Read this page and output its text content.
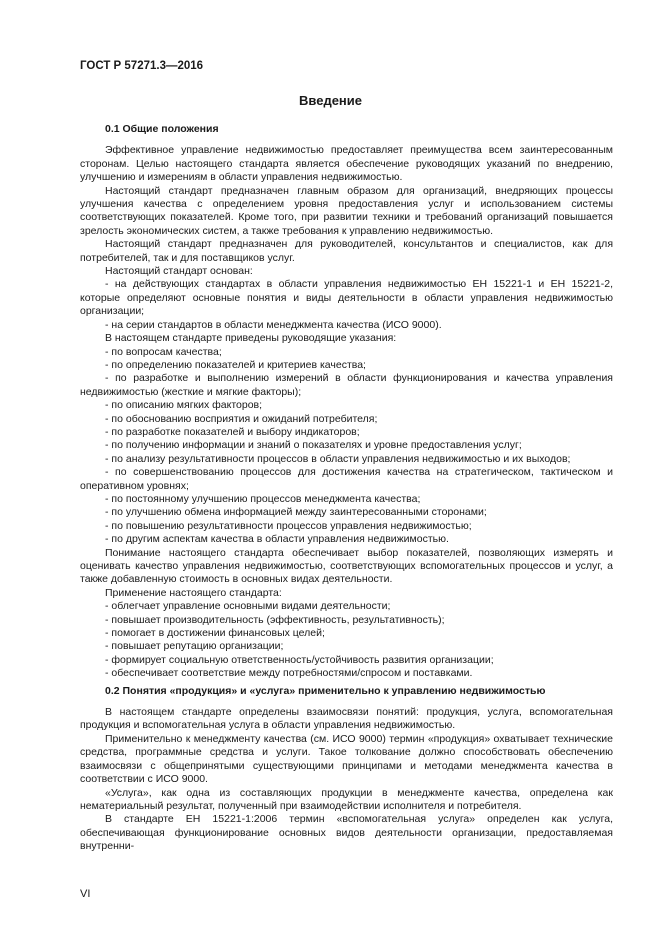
ГОСТ Р 57271.3—2016
Введение
0.1 Общие положения
Эффективное управление недвижимостью предоставляет преимущества всем заинтересованным сторонам. Целью настоящего стандарта является обеспечение руководящих указаний по внедрению, улучшению и измерениям в области управления недвижимостью.
Настоящий стандарт предназначен главным образом для организаций, внедряющих процессы улучшения качества с определением уровня предоставления услуг и использованием системы соответствующих показателей. Кроме того, при развитии техники и требований организаций повышается зрелость экономических систем, а также требования к управлению недвижимостью.
Настоящий стандарт предназначен для руководителей, консультантов и специалистов, как для потребителей, так и для поставщиков услуг.
Настоящий стандарт основан:
- на действующих стандартах в области управления недвижимостью ЕН 15221-1 и ЕН 15221-2, которые определяют основные понятия и виды деятельности в области управления недвижимостью организации;
- на серии стандартов в области менеджмента качества (ИСО 9000).
В настоящем стандарте приведены руководящие указания:
- по вопросам качества;
- по определению показателей и критериев качества;
- по разработке и выполнению измерений в области функционирования и качества управления недвижимостью (жесткие и мягкие факторы);
- по описанию мягких факторов;
- по обоснованию восприятия и ожиданий потребителя;
- по разработке показателей и выбору индикаторов;
- по получению информации и знаний о показателях и уровне предоставления услуг;
- по анализу результативности процессов в области управления недвижимостью и их выходов;
- по совершенствованию процессов для достижения качества на стратегическом, тактическом и оперативном уровнях;
- по постоянному улучшению процессов менеджмента качества;
- по улучшению обмена информацией между заинтересованными сторонами;
- по повышению результативности процессов управления недвижимостью;
- по другим аспектам качества в области управления недвижимостью.
Понимание настоящего стандарта обеспечивает выбор показателей, позволяющих измерять и оценивать качество управления недвижимостью, соответствующих вспомогательных процессов и услуг, а также добавленную стоимость в основных видах деятельности.
Применение настоящего стандарта:
- облегчает управление основными видами деятельности;
- повышает производительность (эффективность, результативность);
- помогает в достижении финансовых целей;
- повышает репутацию организации;
- формирует социальную ответственность/устойчивость развития организации;
- обеспечивает соответствие между потребностями/спросом и поставками.
0.2 Понятия «продукция» и «услуга» применительно к управлению недвижимостью
В настоящем стандарте определены взаимосвязи понятий: продукция, услуга, вспомогательная продукция и вспомогательная услуга в области управления недвижимостью.
Применительно к менеджменту качества (см. ИСО 9000) термин «продукция» охватывает технические средства, программные средства и услуги. Такое толкование должно способствовать обеспечению взаимосвязи с общепринятыми существующими принципами и методами менеджмента качества в соответствии с ИСО 9000.
«Услуга», как одна из составляющих продукции в менеджменте качества, определена как нематериальный результат, полученный при взаимодействии исполнителя и потребителя.
В стандарте ЕН 15221-1:2006 термин «вспомогательная услуга» определен как услуга, обеспечивающая функционирование основных видов деятельности организации, предоставляемая внутренни-
VI
